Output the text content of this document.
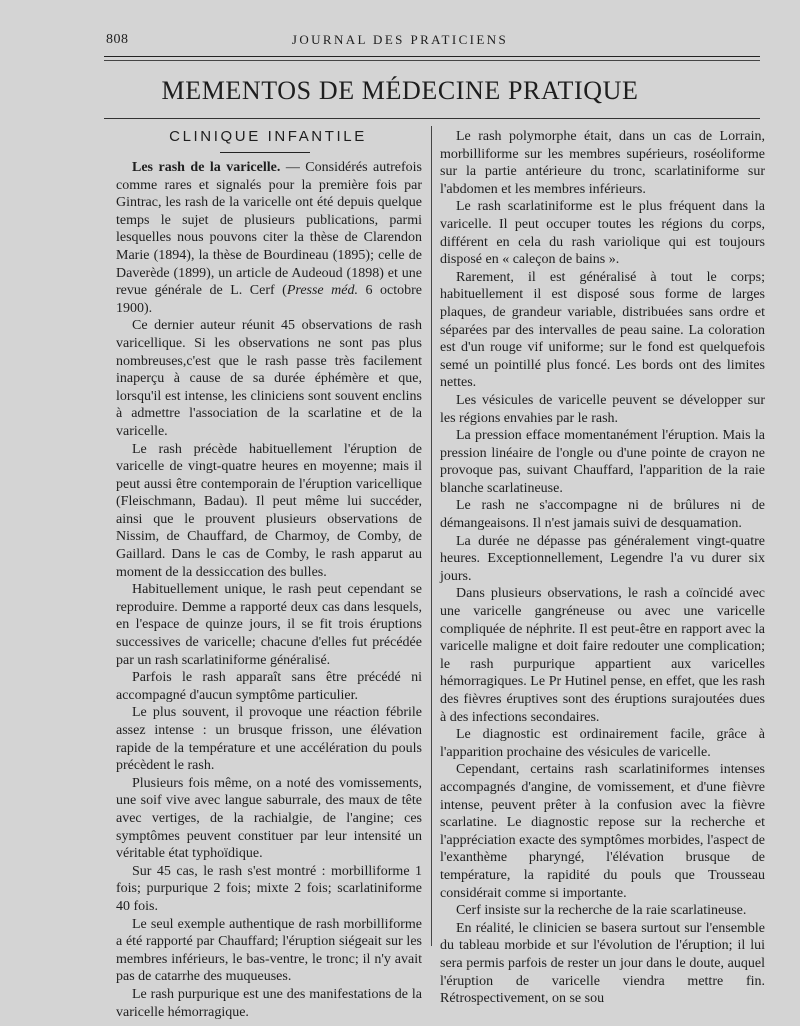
808	JOURNAL DES PRATICIENS
MEMENTOS DE MÉDECINE PRATIQUE
CLINIQUE INFANTILE

Les rash de la varicelle. — Considérés autrefois comme rares et signalés pour la première fois par Gintrac, les rash de la varicelle ont été depuis quelque temps le sujet de plusieurs publications, parmi lesquelles nous pouvons citer la thèse de Clarendon Marie (1894), la thèse de Bourdineau (1895); celle de Daverède (1899), un article de Audeoud (1898) et une revue générale de L. Cerf (Presse méd. 6 octobre 1900).

Ce dernier auteur réunit 45 observations de rash varicellique. Si les observations ne sont pas plus nombreuses,c'est que le rash passe très facilement inaperçu à cause de sa durée éphémère et que, lorsqu'il est intense, les cliniciens sont souvent enclins à admettre l'association de la scarlatine et de la varicelle.

Le rash précède habituellement l'éruption de varicelle de vingt-quatre heures en moyenne; mais il peut aussi être contemporain de l'éruption varicellique (Fleischmann, Badau). Il peut même lui succéder, ainsi que le prouvent plusieurs observations de Nissim, de Chauffard, de Charmoy, de Comby, de Gaillard. Dans le cas de Comby, le rash apparut au moment de la dessiccation des bulles.

Habituellement unique, le rash peut cependant se reproduire. Demme a rapporté deux cas dans lesquels, en l'espace de quinze jours, il se fit trois éruptions successives de varicelle; chacune d'elles fut précédée par un rash scarlatiniforme généralisé.

Parfois le rash apparaît sans être précédé ni accompagné d'aucun symptôme particulier.

Le plus souvent, il provoque une réaction fébrile assez intense : un brusque frisson, une élévation rapide de la température et une accélération du pouls précèdent le rash.

Plusieurs fois même, on a noté des vomissements, une soif vive avec langue saburrale, des maux de tête avec vertiges, de la rachialgie, de l'angine; ces symptômes peuvent constituer par leur intensité un véritable état typhoïdique.

Sur 45 cas, le rash s'est montré : morbilliforme 1 fois; purpurique 2 fois; mixte 2 fois; scarlatiniforme 40 fois.

Le seul exemple authentique de rash morbilliforme a été rapporté par Chauffard; l'éruption siégeait sur les membres inférieurs, le bas-ventre, le tronc; il n'y avait pas de catarrhe des muqueuses.

Le rash purpurique est une des manifestations de la varicelle hémorragique.

Le rash polymorphe était, dans un cas de Lorrain, morbilliforme sur les membres supérieurs, roséoliforme sur la partie antérieure du tronc, scarlatiniforme sur l'abdomen et les membres inférieurs.

Le rash scarlatiniforme est le plus fréquent dans la varicelle. Il peut occuper toutes les régions du corps, différent en cela du rash variolique qui est toujours disposé en « caleçon de bains ».

Rarement, il est généralisé à tout le corps; habituellement il est disposé sous forme de larges plaques, de grandeur variable, distribuées sans ordre et séparées par des intervalles de peau saine. La coloration est d'un rouge vif uniforme; sur le fond est quelquefois semé un pointillé plus foncé. Les bords ont des limites nettes.

Les vésicules de varicelle peuvent se développer sur les régions envahies par le rash.

La pression efface momentanément l'éruption. Mais la pression linéaire de l'ongle ou d'une pointe de crayon ne provoque pas, suivant Chauffard, l'apparition de la raie blanche scarlatineuse.

Le rash ne s'accompagne ni de brûlures ni de démangeaisons. Il n'est jamais suivi de desquamation.

La durée ne dépasse pas généralement vingt-quatre heures. Exceptionnellement, Legendre l'a vu durer six jours.

Dans plusieurs observations, le rash a coïncidé avec une varicelle gangréneuse ou avec une varicelle compliquée de néphrite. Il est peut-être en rapport avec la varicelle maligne et doit faire redouter une complication; le rash purpurique appartient aux varicelles hémorragiques. Le Pr Hutinel pense, en effet, que les rash des fièvres éruptives sont des éruptions surajoutées dues à des infections secondaires.

Le diagnostic est ordinairement facile, grâce à l'apparition prochaine des vésicules de varicelle.

Cependant, certains rash scarlatiniformes intenses accompagnés d'angine, de vomissement, et d'une fièvre intense, peuvent prêter à la confusion avec la fièvre scarlatine. Le diagnostic repose sur la recherche et l'appréciation exacte des symptômes morbides, l'aspect de l'exanthème pharyngé, l'élévation brusque de température, la rapidité du pouls que Trousseau considérait comme si importante.

Cerf insiste sur la recherche de la raie scarlatineuse.

En réalité, le clinicien se basera surtout sur l'ensemble du tableau morbide et sur l'évolution de l'éruption; il lui sera permis parfois de rester un jour dans le doute, auquel l'éruption de varicelle viendra mettre fin. Rétrospectivement, on se sou
